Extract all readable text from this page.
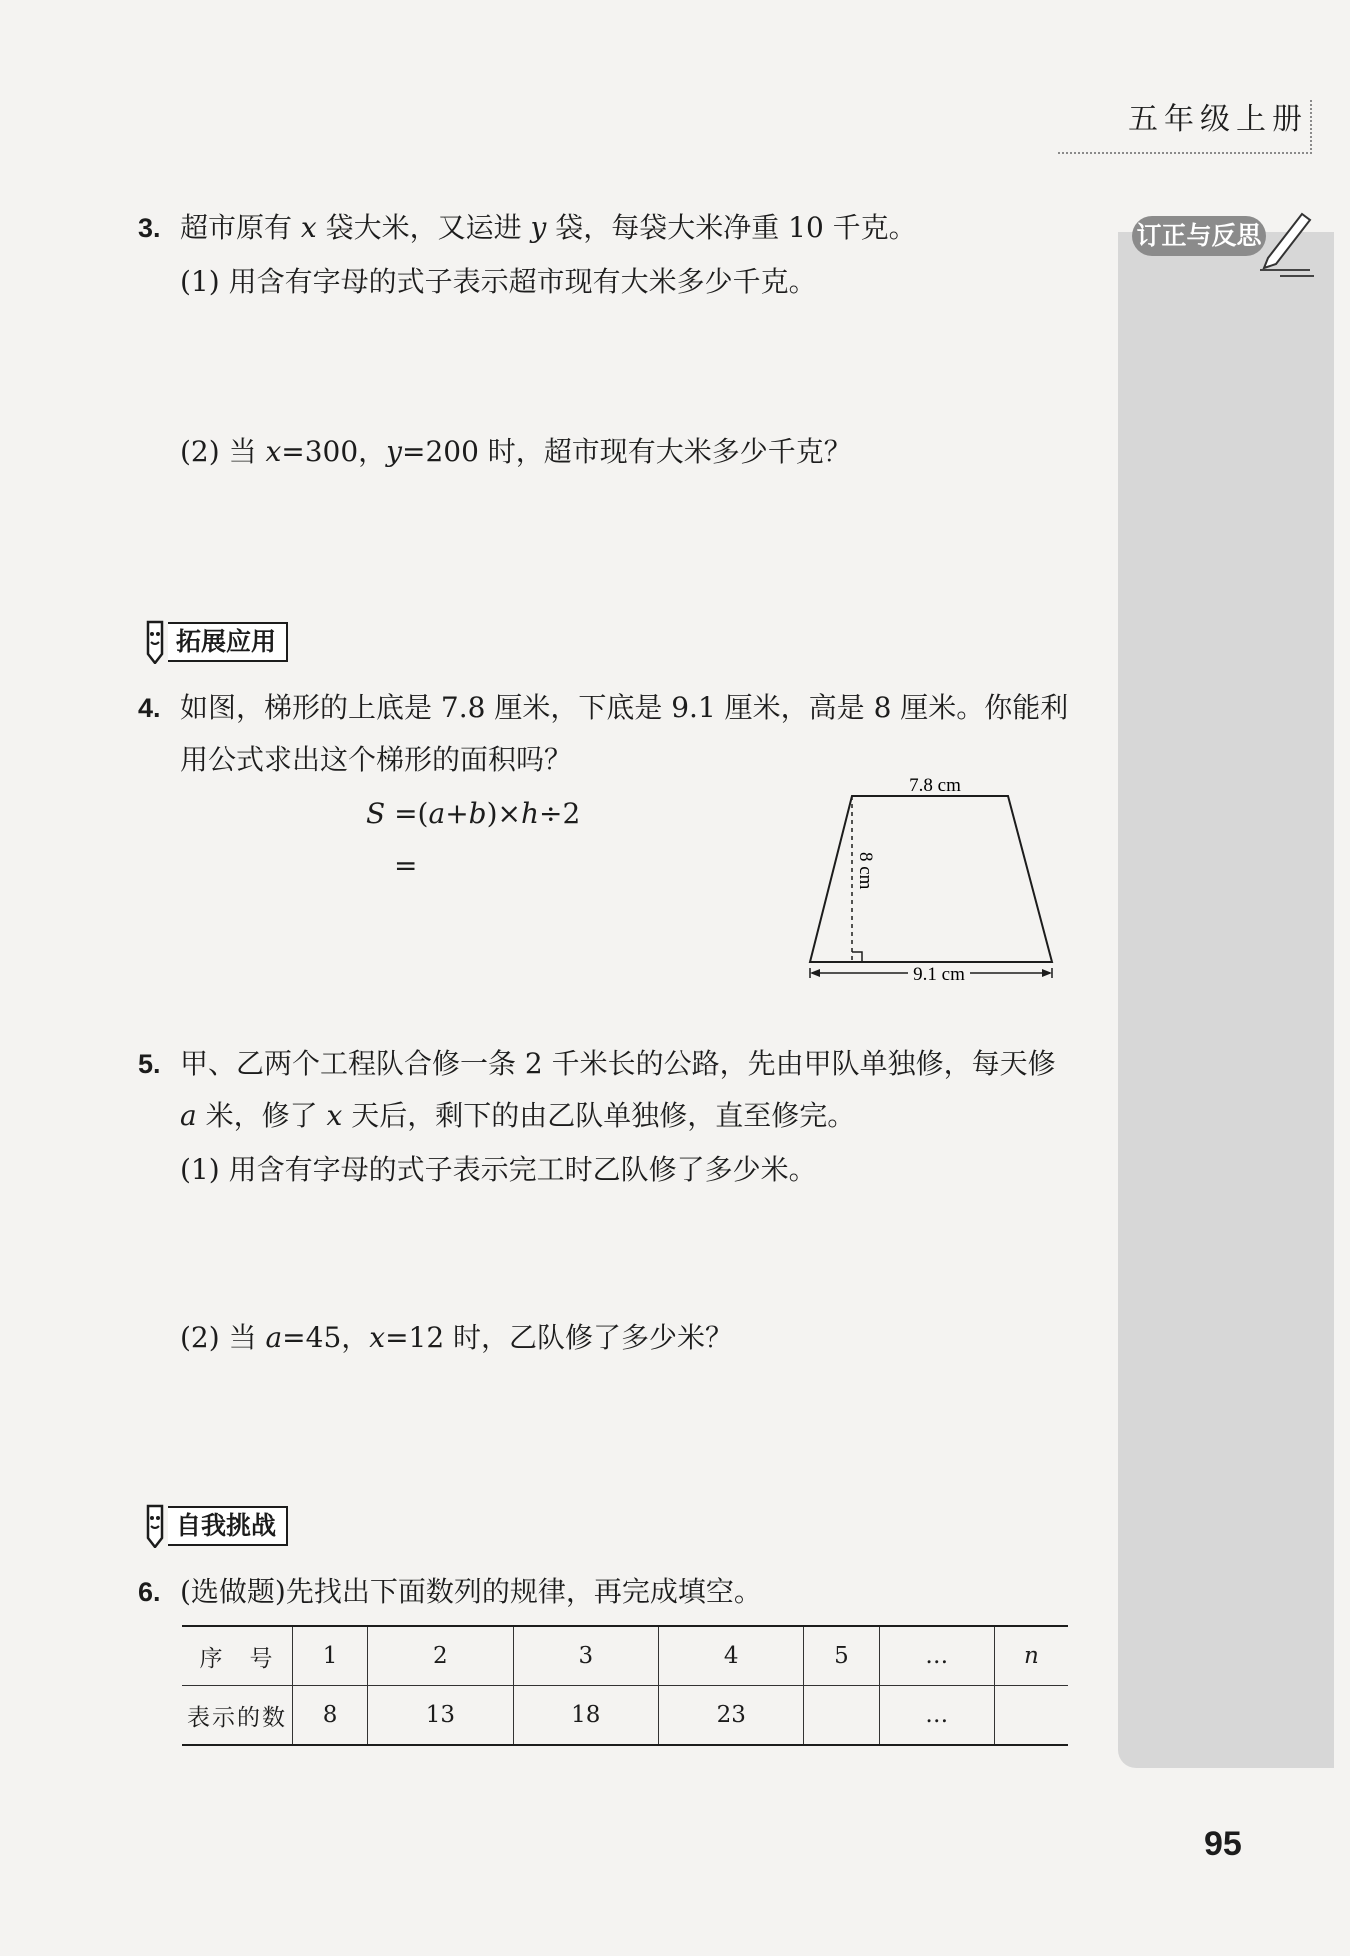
五年级上册
订正与反思
3. 超市原有 x 袋大米，又运进 y 袋，每袋大米净重 10 千克。
(1) 用含有字母的式子表示超市现有大米多少千克。
(2) 当 x=300，y=200 时，超市现有大米多少千克？
拓展应用
4. 如图，梯形的上底是 7.8 厘米，下底是 9.1 厘米，高是 8 厘米。你能利
用公式求出这个梯形的面积吗？
S =(a+b)×h÷2
=
7.8 cm
9.1 cm
8 cm
5. 甲、乙两个工程队合修一条 2 千米长的公路，先由甲队单独修，每天修
a 米，修了 x 天后，剩下的由乙队单独修，直至修完。
(1) 用含有字母的式子表示完工时乙队修了多少米。
(2) 当 a=45，x=12 时，乙队修了多少米？
自我挑战
6. (选做题)先找出下面数列的规律，再完成填空。
序　号	1	2	3	4	5	…	n
表示的数	8	13	18	23		…	
95
